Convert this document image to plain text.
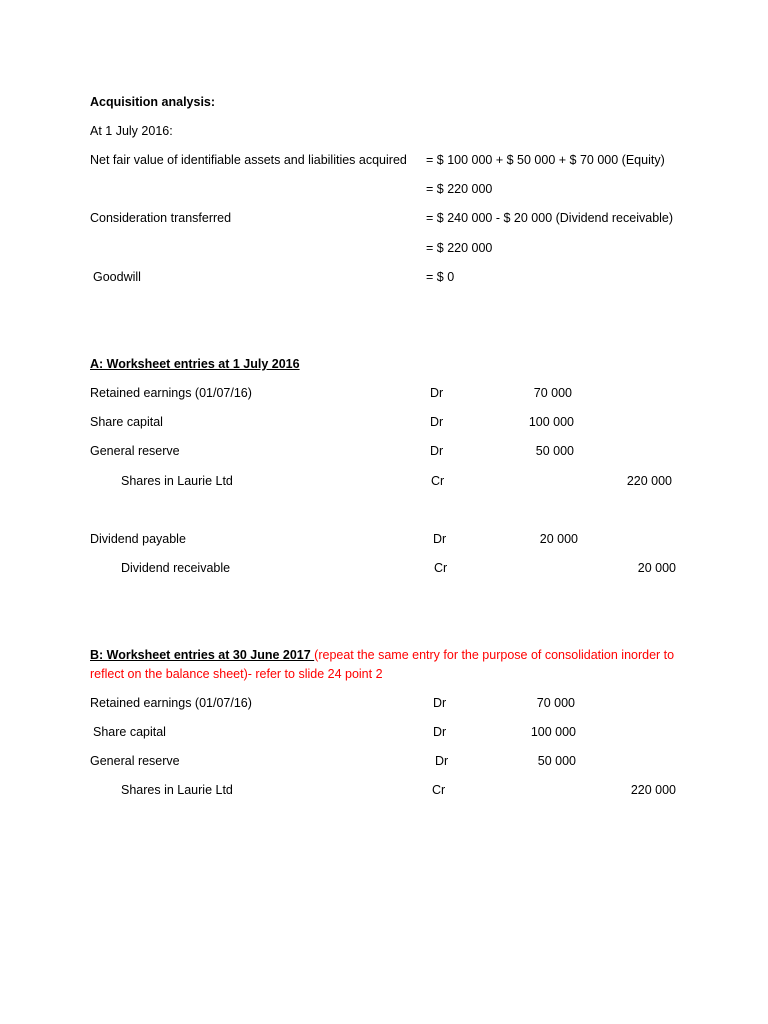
Acquisition analysis:
At 1 July 2016:
Net fair value of identifiable assets and liabilities acquired = $ 100 000 + $ 50 000 + $ 70 000 (Equity)
= $ 220 000
Consideration transferred	= $ 240 000 - $ 20 000 (Dividend receivable)
= $ 220 000
Goodwill	= $ 0
A: Worksheet entries at 1 July 2016
Retained earnings (01/07/16)	Dr	70 000
Share capital	Dr	100 000
General reserve	Dr	50 000
Shares in Laurie Ltd	Cr	220 000
Dividend payable	Dr	20 000
Dividend receivable	Cr	20 000
B: Worksheet entries at 30 June 2017 (repeat the same entry for the purpose of consolidation inorder to
reflect on the balance sheet)- refer to slide 24 point 2
Retained earnings (01/07/16)	Dr	70 000
Share capital	Dr	100 000
General reserve	Dr	50 000
Shares in Laurie Ltd	Cr	220 000
